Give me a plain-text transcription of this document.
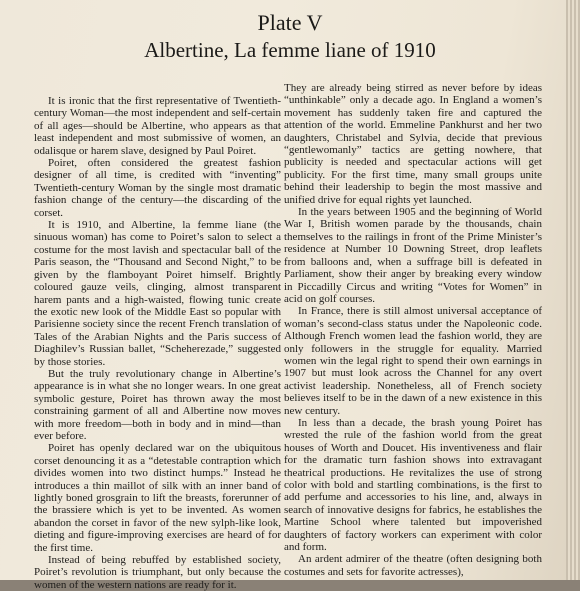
Plate V
Albertine, La femme liane of 1910

It is ironic that the first representative of Twentieth-century Woman—the most independent and self-certain of all ages—should be Albertine, who appears as that least independent and most submissive of women, an odalisque or harem slave, designed by Paul Poiret.

Poiret, often considered the greatest fashion designer of all time, is credited with “inventing” Twentieth-century Woman by the single most dramatic fashion change of the century—the discarding of the corset.

It is 1910, and Albertine, la femme liane (the sinuous woman) has come to Poiret’s salon to select a costume for the most lavish and spectacular ball of the Paris season, the “Thousand and Second Night,” to be given by the flamboyant Poiret himself. Brightly coloured gauze veils, clinging, almost transparent harem pants and a high-waisted, flowing tunic create the exotic new look of the Middle East so popular with Parisienne society since the recent French translation of Tales of the Arabian Nights and the Paris success of Diaghilev’s Russian ballet, “Scheherezade,” suggested by those stories.

But the truly revolutionary change in Albertine’s appearance is in what she no longer wears. In one great symbolic gesture, Poiret has thrown away the most constraining garment of all and Albertine now moves with more freedom—both in body and in mind—than ever before.

Poiret has openly declared war on the ubiquitous corset denouncing it as a “detestable contraption which divides women into two distinct humps.” Instead he introduces a thin maillot of silk with an inner band of lightly boned grosgrain to lift the breasts, forerunner of the brassiere which is yet to be invented. As women abandon the corset in favor of the new sylph-like look, dieting and figure-improving exercises are heard of for the first time.

Instead of being rebuffed by established society, Poiret’s revolution is triumphant, but only because the women of the western nations are ready for it.

They are already being stirred as never before by ideas “unthinkable” only a decade ago. In England a women’s movement has suddenly taken fire and captured the attention of the world. Emmeline Pankhurst and her two daughters, Christabel and Sylvia, decide that previous “gentlewomanly” tactics are getting nowhere, that publicity is needed and spectacular actions will get publicity. For the first time, many small groups unite behind their leadership to begin the most massive and unified drive for equal rights yet launched.

In the years between 1905 and the beginning of World War I, British women parade by the thousands, chain themselves to the railings in front of the Prime Minister’s residence at Number 10 Downing Street, drop leaflets from balloons and, when a suffrage bill is defeated in Parliament, show their anger by breaking every window in Piccadilly Circus and writing “Votes for Women” in acid on golf courses.

In France, there is still almost universal acceptance of woman’s second-class status under the Napoleonic code. Although French women lead the fashion world, they are only followers in the struggle for equality. Married women win the legal right to spend their own earnings in 1907 but must look across the Channel for any overt activist leadership. Nonetheless, all of French society believes itself to be in the dawn of a new existence in this new century.

In less than a decade, the brash young Poiret has wrested the rule of the fashion world from the great houses of Worth and Doucet. His inventiveness and flair for the dramatic turn fashion shows into extravagant theatrical productions. He revitalizes the use of strong color with bold and startling combinations, is the first to add perfume and accessories to his line, and, always in search of innovative designs for fabrics, he establishes the Martine School where talented but impoverished daughters of factory workers can experiment with color and form.

An ardent admirer of the theatre (often designing both costumes and sets for favorite actresses),
